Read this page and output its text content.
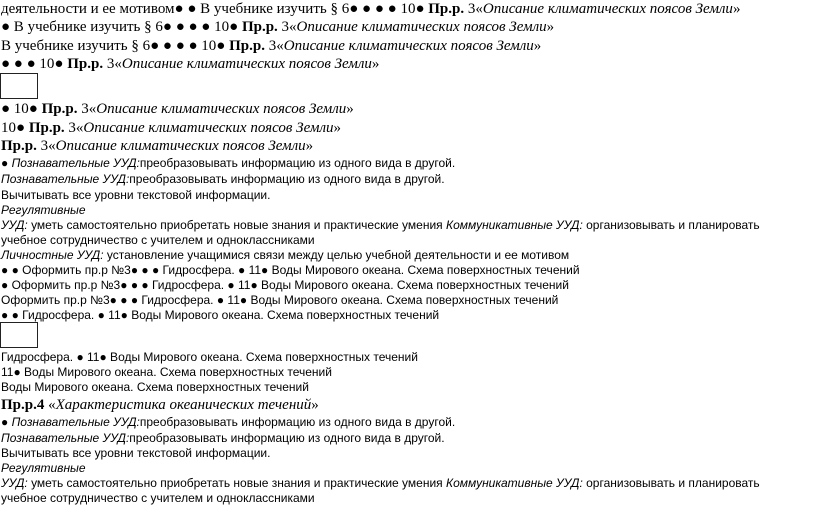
деятельности и ее мотивом● ● В учебнике изучить § 6● ● ● ● 10● Пр.р. 3«Описание климатических поясов Земли»
● В учебнике изучить § 6● ● ● ● 10● Пр.р. 3«Описание климатических поясов Земли»
В учебнике изучить § 6● ● ● ● 10● Пр.р. 3«Описание климатических поясов Земли»
● ● ● 10● Пр.р. 3«Описание климатических поясов Земли»
● 10● Пр.р. 3«Описание климатических поясов Земли»
10● Пр.р. 3«Описание климатических поясов Земли»
Пр.р. 3«Описание климатических поясов Земли»
● Познавательные УУД:преобразовывать информацию из одного вида в другой.
Познавательные УУД:преобразовывать информацию из одного вида в другой.
Вычитывать все уровни текстовой информации.
Регулятивные
УУД: уметь самостоятельно приобретать новые знания и практические умения Коммуникативные УУД: организовывать и планировать
учебное сотрудничество с учителем и одноклассниками
Личностные УУД: установление учащимися связи между целью учебной деятельности и ее мотивом
● ● Оформить пр.р №3● ● ● Гидросфера. ● 11● Воды Мирового океана. Схема поверхностных течений
● Оформить пр.р №3● ● ● Гидросфера. ● 11● Воды Мирового океана. Схема поверхностных течений
Оформить пр.р №3● ● ● Гидросфера. ● 11● Воды Мирового океана. Схема поверхностных течений
● ● Гидросфера. ● 11● Воды Мирового океана. Схема поверхностных течений
Гидросфера. ● 11● Воды Мирового океана. Схема поверхностных течений
11● Воды Мирового океана. Схема поверхностных течений
Воды Мирового океана. Схема поверхностных течений
Пр.р.4 «Характеристика океанических течений»
● Познавательные УУД:преобразовывать информацию из одного вида в другой.
Познавательные УУД:преобразовывать информацию из одного вида в другой.
Вычитывать все уровни текстовой информации.
Регулятивные
УУД: уметь самостоятельно приобретать новые знания и практические умения Коммуникативные УУД: организовывать и планировать
учебное сотрудничество с учителем и одноклассниками
